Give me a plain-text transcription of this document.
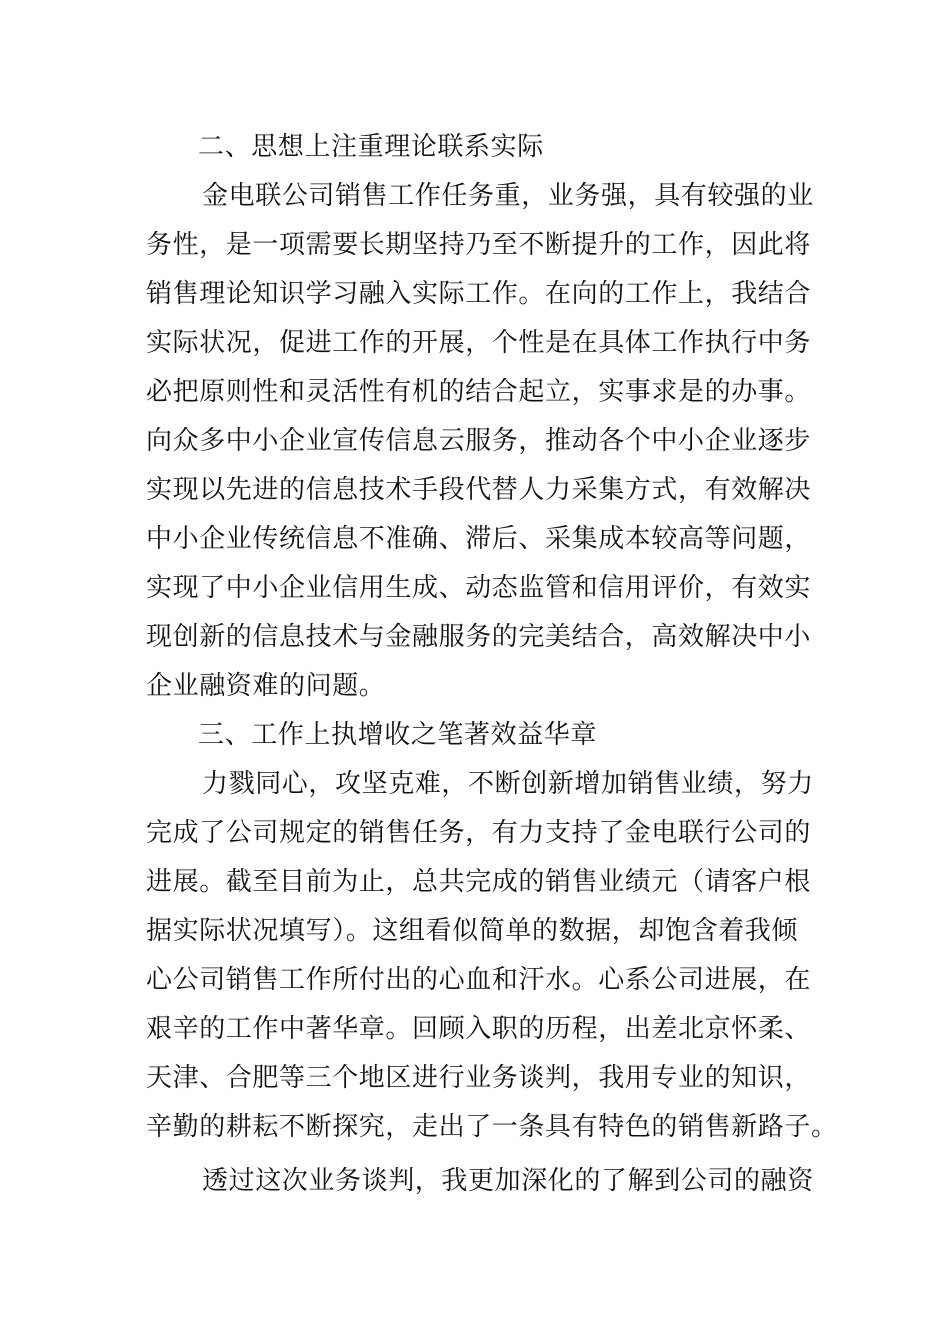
二、思想上注重理论联系实际
金电联公司销售工作任务重，业务强，具有较强的业
务性，是一项需要长期坚持乃至不断提升的工作，因此将
销售理论知识学习融入实际工作。在向的工作上，我结合
实际状况，促进工作的开展，个性是在具体工作执行中务
必把原则性和灵活性有机的结合起立，实事求是的办事。
向众多中小企业宣传信息云服务，推动各个中小企业逐步
实现以先进的信息技术手段代替人力采集方式，有效解决
中小企业传统信息不准确、滞后、采集成本较高等问题，
实现了中小企业信用生成、动态监管和信用评价，有效实
现创新的信息技术与金融服务的完美结合，高效解决中小
企业融资难的问题。
三、工作上执增收之笔著效益华章
力戮同心，攻坚克难，不断创新增加销售业绩，努力
完成了公司规定的销售任务，有力支持了金电联行公司的
进展。截至目前为止，总共完成的销售业绩元（请客户根
据实际状况填写）。这组看似简单的数据，却饱含着我倾
心公司销售工作所付出的心血和汗水。心系公司进展，在
艰辛的工作中著华章。回顾入职的历程，出差北京怀柔、
天津、合肥等三个地区进行业务谈判，我用专业的知识，
辛勤的耕耘不断探究，走出了一条具有特色的销售新路子。
透过这次业务谈判，我更加深化的了解到公司的融资
